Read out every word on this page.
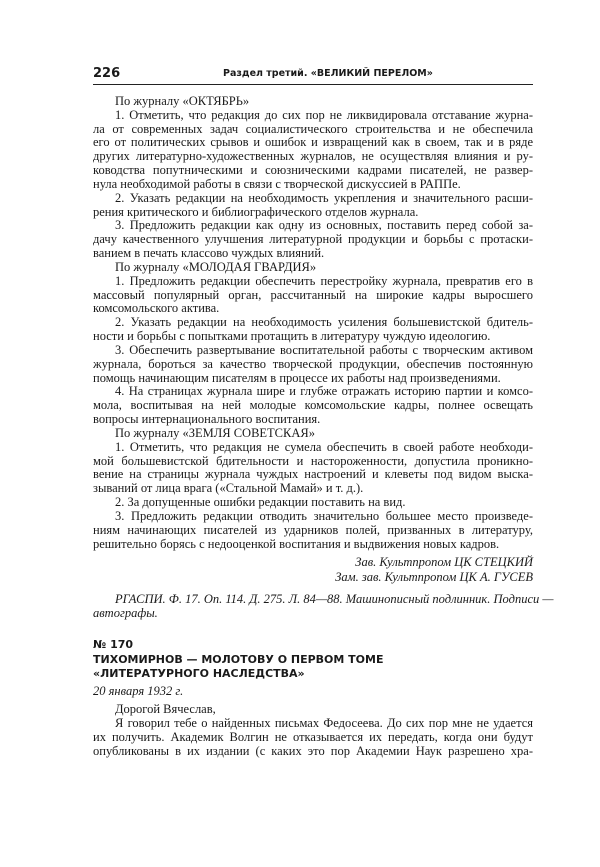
226	Раздел третий. «ВЕЛИКИЙ ПЕРЕЛОМ»
По журналу «ОКТЯБРЬ»
1. Отметить, что редакция до сих пор не ликвидировала отставание журна-
ла от современных задач социалистического строительства и не обеспечила
его от политических срывов и ошибок и извращений как в своем, так и в ряде
других литературно-художественных журналов, не осуществляя влияния и ру-
ководства попутническими и союзническими кадрами писателей, не развер-
нула необходимой работы в связи с творческой дискуссией в РАППе.
2. Указать редакции на необходимость укрепления и значительного расши-
рения критического и библиографического отделов журнала.
3. Предложить редакции как одну из основных, поставить перед собой за-
дачу качественного улучшения литературной продукции и борьбы с протаски-
ванием в печать классово чуждых влияний.
По журналу «МОЛОДАЯ ГВАРДИЯ»
1. Предложить редакции обеспечить перестройку журнала, превратив его в
массовый популярный орган, рассчитанный на широкие кадры выросшего
комсомольского актива.
2. Указать редакции на необходимость усиления большевистской бдитель-
ности и борьбы с попытками протащить в литературу чуждую идеологию.
3. Обеспечить развертывание воспитательной работы с творческим активом
журнала, бороться за качество творческой продукции, обеспечив постоянную
помощь начинающим писателям в процессе их работы над произведениями.
4. На страницах журнала шире и глубже отражать историю партии и комсо-
мола, воспитывая на ней молодые комсомольские кадры, полнее освещать
вопросы интернационального воспитания.
По журналу «ЗЕМЛЯ СОВЕТСКАЯ»
1. Отметить, что редакция не сумела обеспечить в своей работе необходи-
мой большевистской бдительности и настороженности, допустила проникно-
вение на страницы журнала чуждых настроений и клеветы под видом выска-
зываний от лица врага («Стальной Мамай» и т. д.).
2. За допущенные ошибки редакции поставить на вид.
3. Предложить редакции отводить значительно большее место произведе-
ниям начинающих писателей из ударников полей, призванных в литературу,
решительно борясь с недооценкой воспитания и выдвижения новых кадров.
Зав. Культпропом ЦК СТЕЦКИЙ
Зам. зав. Культпропом ЦК А. ГУСЕВ
РГАСПИ. Ф. 17. Оп. 114. Д. 275. Л. 84—88. Машинописный подлинник. Подписи —
автографы.
№ 170
ТИХОМИРНОВ — МОЛОТОВУ О ПЕРВОМ ТОМЕ
«ЛИТЕРАТУРНОГО НАСЛЕДСТВА»
20 января 1932 г.
Дорогой Вячеслав,
Я говорил тебе о найденных письмах Федосеева. До сих пор мне не удается
их получить. Академик Волгин не отказывается их передать, когда они будут
опубликованы в их издании (с каких это пор Академии Наук разрешено хра-
